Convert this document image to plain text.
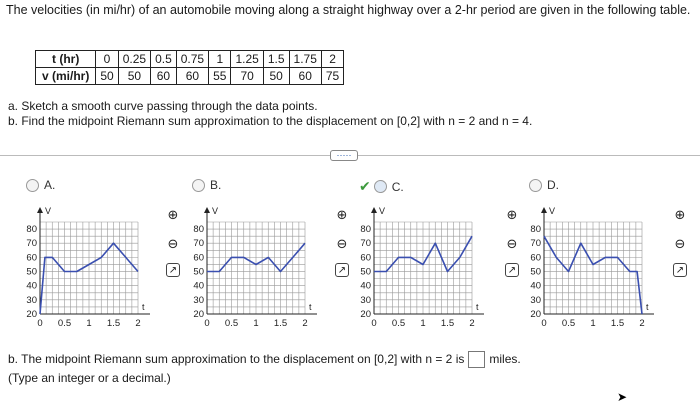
The velocities (in mi/hr) of an automobile moving along a straight highway over a 2-hr period are given in the following table.
t (hr)	0	0.25	0.5	0.75	1	1.25	1.5	1.75	2
v (mi/hr)	50	50	60	60	55	70	50	60	75
a. Sketch a smooth curve passing through the data points.
b. Find the midpoint Riemann sum approximation to the displacement on [0,2] with n = 2 and n = 4.
·····
A.	B.	✔ C.	D.
V
t
80
70
60
50
40
30
20
0 0.5 1 1.5 2
V
t
80
70
60
50
40
30
20
0 0.5 1 1.5 2
V
t
80
70
60
50
40
30
20
0 0.5 1 1.5 2
V
t
80
70
60
50
40
30
20
0 0.5 1 1.5 2
⊕
⊖
↗
⊕
⊖
↗
⊕
⊖
↗
⊕
⊖
↗
b. The midpoint Riemann sum approximation to the displacement on [0,2] with n = 2 is miles.
(Type an integer or a decimal.)
➤
